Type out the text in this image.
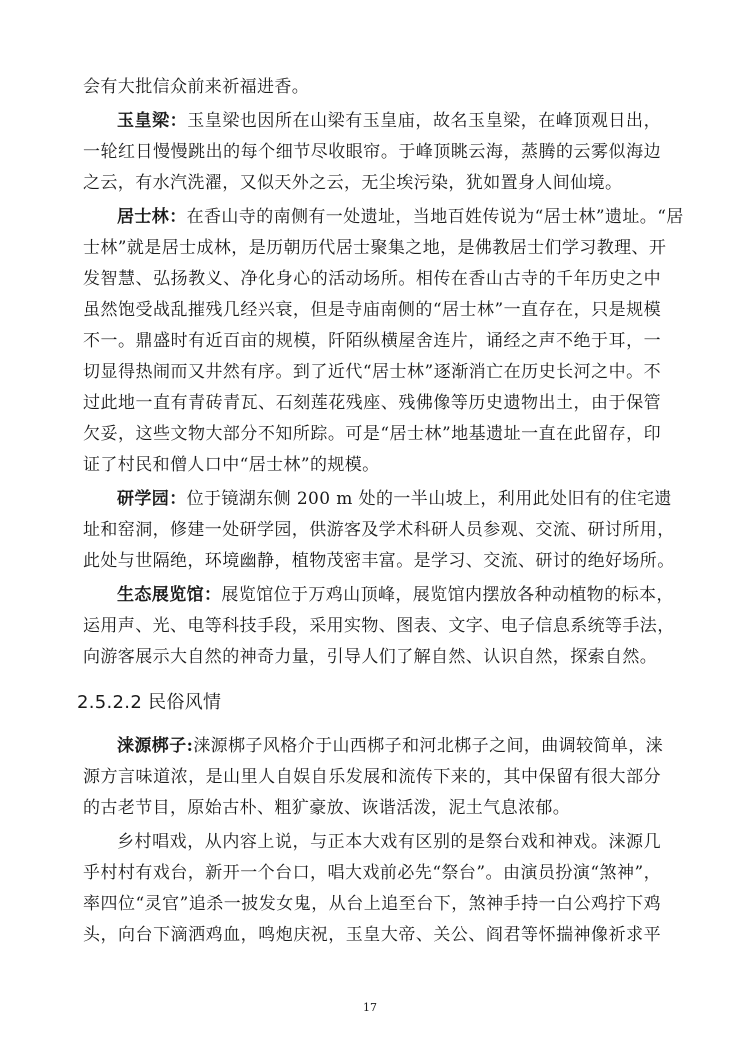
会有大批信众前来祈福进香。
玉皇梁：玉皇梁也因所在山梁有玉皇庙，故名玉皇梁，在峰顶观日出，
一轮红日慢慢跳出的每个细节尽收眼帘。于峰顶眺云海，蒸腾的云雾似海边
之云，有水汽洗濯，又似天外之云，无尘埃污染，犹如置身人间仙境。
居士林：在香山寺的南侧有一处遗址，当地百姓传说为“居士林”遗址。“居
士林”就是居士成林，是历朝历代居士聚集之地，是佛教居士们学习教理、开
发智慧、弘扬教义、净化身心的活动场所。相传在香山古寺的千年历史之中
虽然饱受战乱摧残几经兴衰，但是寺庙南侧的“居士林”一直存在，只是规模
不一。鼎盛时有近百亩的规模，阡陌纵横屋舍连片，诵经之声不绝于耳，一
切显得热闹而又井然有序。到了近代“居士林”逐渐消亡在历史长河之中。不
过此地一直有青砖青瓦、石刻莲花残座、残佛像等历史遗物出土，由于保管
欠妥，这些文物大部分不知所踪。可是“居士林”地基遗址一直在此留存，印
证了村民和僧人口中“居士林”的规模。
研学园：位于镜湖东侧 200 m 处的一半山坡上，利用此处旧有的住宅遗
址和窑洞，修建一处研学园，供游客及学术科研人员参观、交流、研讨所用，
此处与世隔绝，环境幽静，植物茂密丰富。是学习、交流、研讨的绝好场所。
生态展览馆：展览馆位于万鸡山顶峰，展览馆内摆放各种动植物的标本，
运用声、光、电等科技手段，采用实物、图表、文字、电子信息系统等手法，
向游客展示大自然的神奇力量，引导人们了解自然、认识自然，探索自然。
2.5.2.2 民俗风情
涞源梆子:涞源梆子风格介于山西梆子和河北梆子之间，曲调较简单，涞
源方言味道浓，是山里人自娱自乐发展和流传下来的，其中保留有很大部分
的古老节目，原始古朴、粗犷豪放、诙谐活泼，泥土气息浓郁。
乡村唱戏，从内容上说，与正本大戏有区别的是祭台戏和神戏。涞源几
乎村村有戏台，新开一个台口，唱大戏前必先“祭台”。由演员扮演“煞神”，
率四位“灵官”追杀一披发女鬼，从台上追至台下，煞神手持一白公鸡拧下鸡
头，向台下滴洒鸡血，鸣炮庆祝，玉皇大帝、关公、阎君等怀揣神像祈求平
17
